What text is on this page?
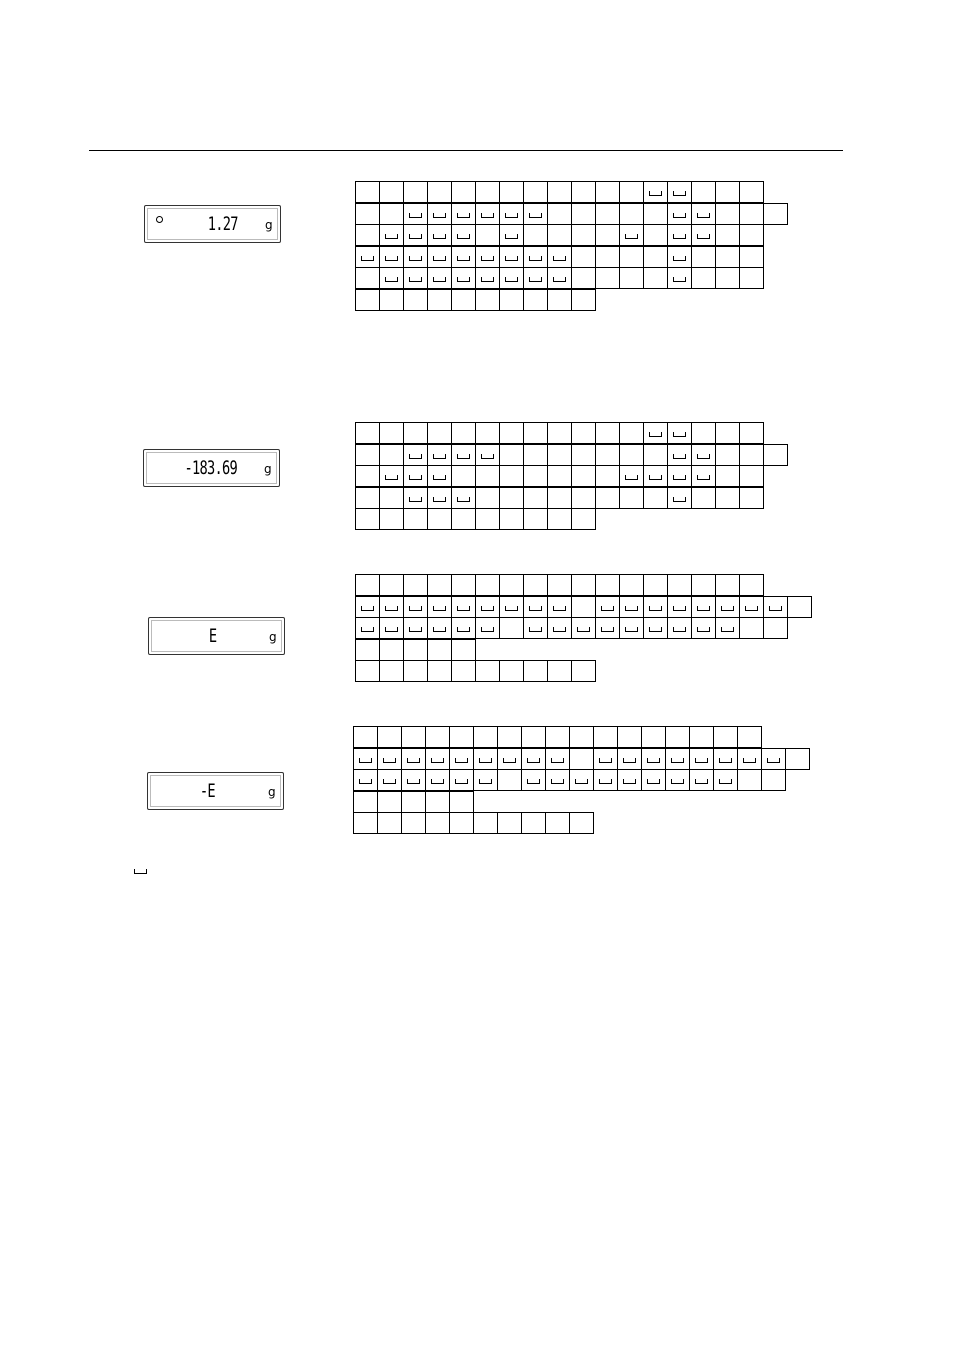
1.27 g
-183.69 g
E	g
-E	g
